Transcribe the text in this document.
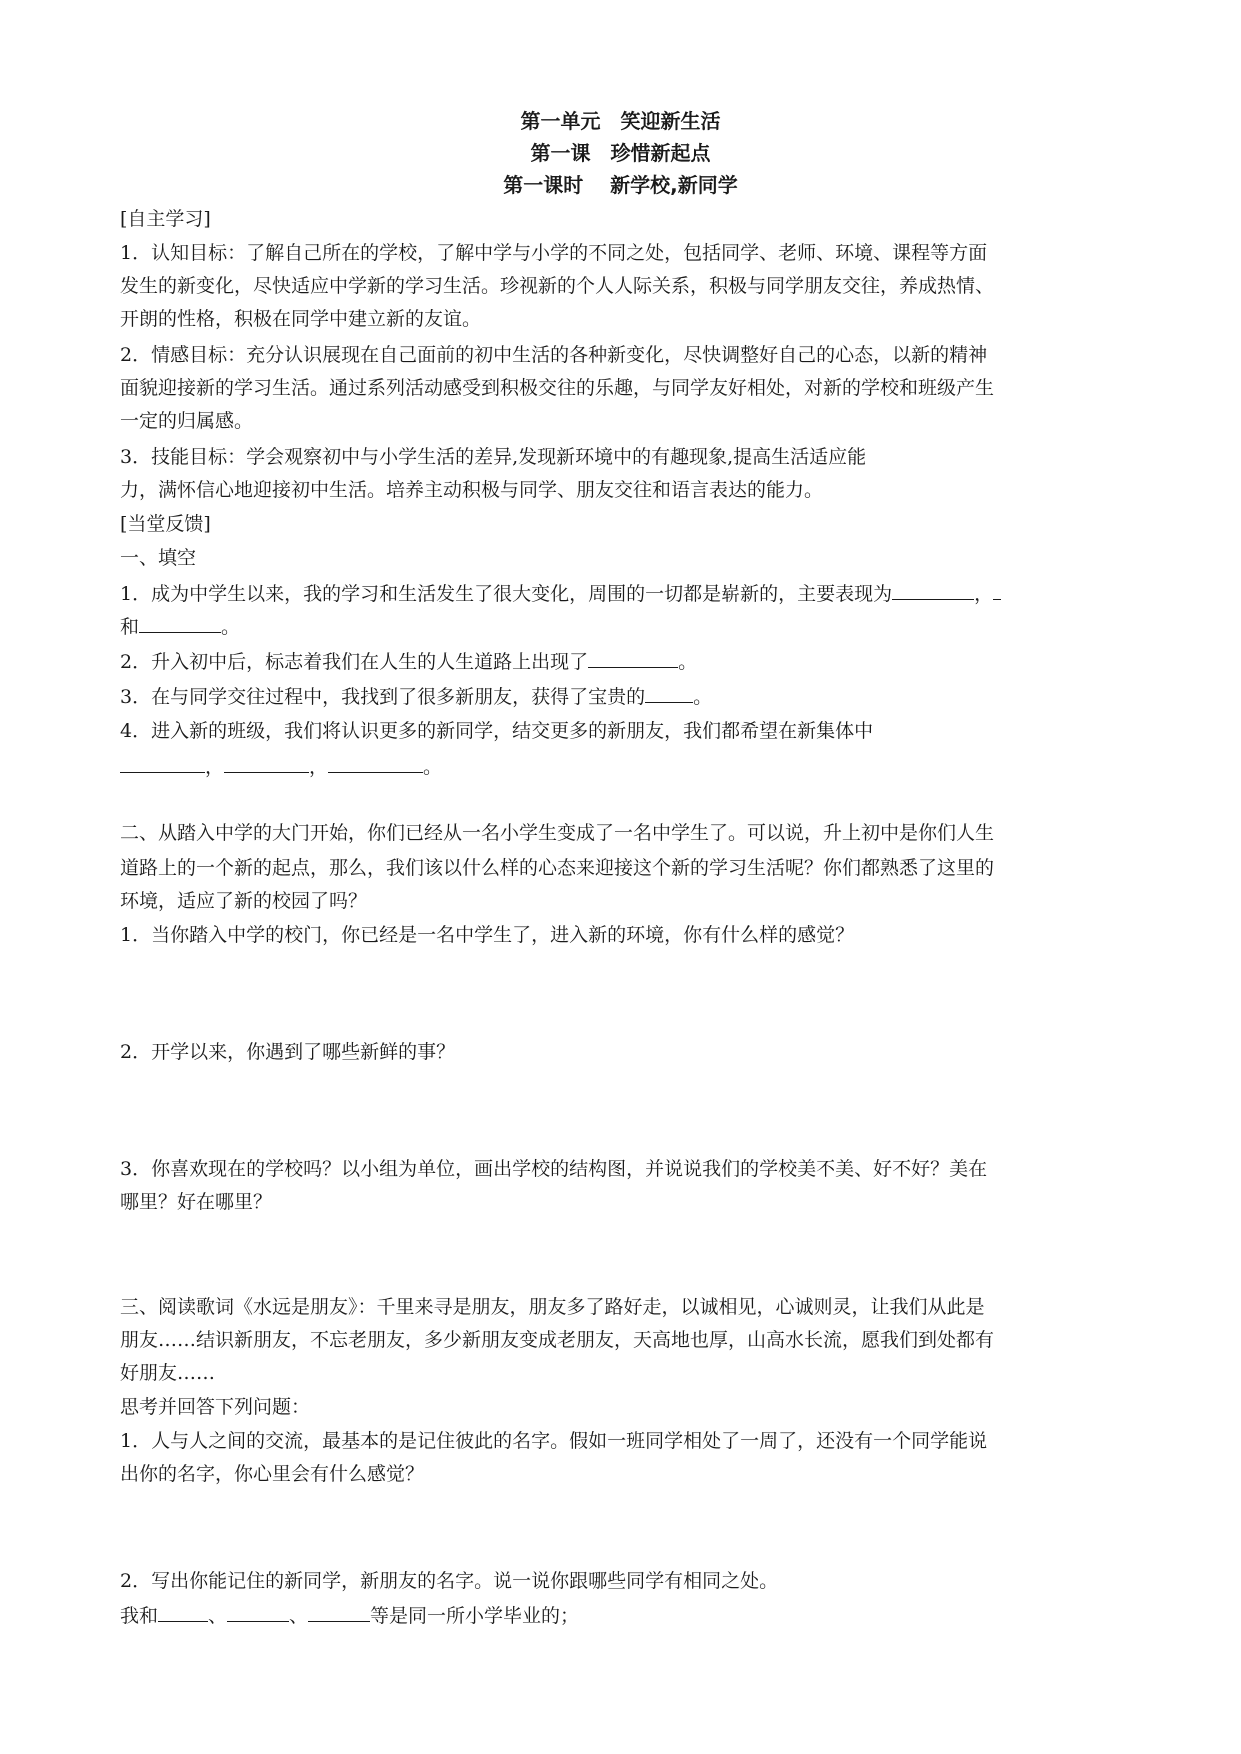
第一单元　笑迎新生活
第一课　珍惜新起点
第一课时　 新学校,新同学
[自主学习]
1．认知目标：了解自己所在的学校，了解中学与小学的不同之处，包括同学、老师、环境、课程等方面
发生的新变化，尽快适应中学新的学习生活。珍视新的个人人际关系，积极与同学朋友交往，养成热情、
开朗的性格，积极在同学中建立新的友谊。
2．情感目标：充分认识展现在自己面前的初中生活的各种新变化，尽快调整好自己的心态，以新的精神
面貌迎接新的学习生活。通过系列活动感受到积极交往的乐趣，与同学友好相处，对新的学校和班级产生
一定的归属感。
3．技能目标：学会观察初中与小学生活的差异,发现新环境中的有趣现象,提高生活适应能
力，满怀信心地迎接初中生活。培养主动积极与同学、朋友交往和语言表达的能力。
[当堂反馈]
一、填空
1．成为中学生以来，我的学习和生活发生了很大变化，周围的一切都是崭新的，主要表现为	，
和	。
2．升入初中后，标志着我们在人生的人生道路上出现了	。
3．在与同学交往过程中，我找到了很多新朋友，获得了宝贵的	。
4．进入新的班级，我们将认识更多的新同学，结交更多的新朋友，我们都希望在新集体中
，	，	。
二、从踏入中学的大门开始，你们已经从一名小学生变成了一名中学生了。可以说，升上初中是你们人生
道路上的一个新的起点，那么，我们该以什么样的心态来迎接这个新的学习生活呢？你们都熟悉了这里的
环境，适应了新的校园了吗？
1．当你踏入中学的校门，你已经是一名中学生了，进入新的环境，你有什么样的感觉？
2．开学以来，你遇到了哪些新鲜的事？
3．你喜欢现在的学校吗？以小组为单位，画出学校的结构图，并说说我们的学校美不美、好不好？美在
哪里？好在哪里？
三、阅读歌词《水远是朋友》：千里来寻是朋友，朋友多了路好走，以诚相见，心诚则灵，让我们从此是
朋友……结识新朋友，不忘老朋友，多少新朋友变成老朋友，天高地也厚，山高水长流，愿我们到处都有
好朋友……
思考并回答下列问题：
1．人与人之间的交流，最基本的是记住彼此的名字。假如一班同学相处了一周了，还没有一个同学能说
出你的名字，你心里会有什么感觉？
2．写出你能记住的新同学，新朋友的名字。说一说你跟哪些同学有相同之处。
我和	、	、	等是同一所小学毕业的；
